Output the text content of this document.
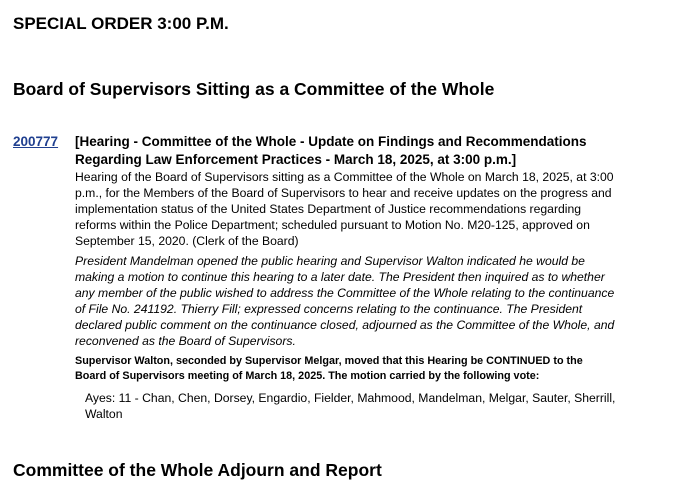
SPECIAL ORDER 3:00 P.M.
Board of Supervisors Sitting as a Committee of the Whole
200777 [Hearing - Committee of the Whole - Update on Findings and Recommendations
Regarding Law Enforcement Practices - March 18, 2025, at 3:00 p.m.]

Hearing of the Board of Supervisors sitting as a Committee of the Whole on March 18, 2025, at 3:00
p.m., for the Members of the Board of Supervisors to hear and receive updates on the progress and
implementation status of the United States Department of Justice recommendations regarding
reforms within the Police Department; scheduled pursuant to Motion No. M20-125, approved on
September 15, 2020. (Clerk of the Board)

President Mandelman opened the public hearing and Supervisor Walton indicated he would be
making a motion to continue this hearing to a later date. The President then inquired as to whether
any member of the public wished to address the Committee of the Whole relating to the continuance
of File No. 241192. Thierry Fill; expressed concerns relating to the continuance. The President
declared public comment on the continuance closed, adjourned as the Committee of the Whole, and
reconvened as the Board of Supervisors.

Supervisor Walton, seconded by Supervisor Melgar, moved that this Hearing be CONTINUED to the
Board of Supervisors meeting of March 18, 2025. The motion carried by the following vote:

Ayes: 11 - Chan, Chen, Dorsey, Engardio, Fielder, Mahmood, Mandelman, Melgar, Sauter, Sherrill,
Walton

Committee of the Whole Adjourn and Report
